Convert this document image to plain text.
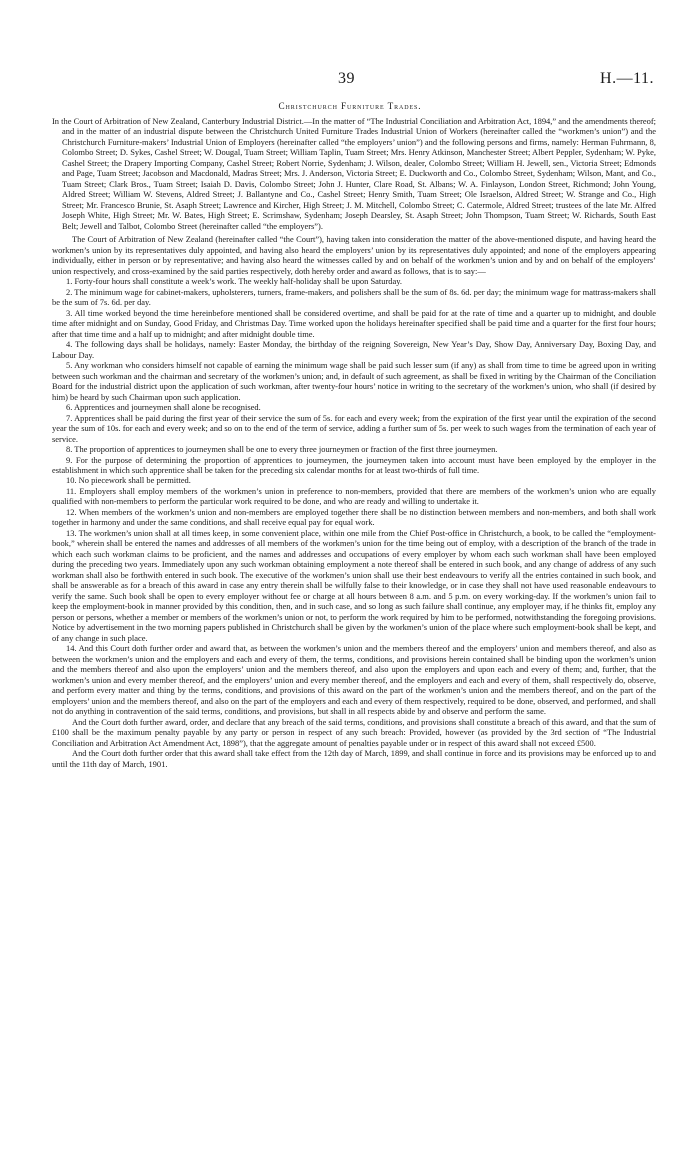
39	H.—11.
Christchurch Furniture Trades.

In the Court of Arbitration of New Zealand, Canterbury Industrial District.—In the matter of “The Industrial Conciliation and Arbitration Act, 1894,” and the amendments thereof; and in the matter of an industrial dispute between the Christchurch United Furniture Trades Industrial Union of Workers (hereinafter called the “workmen’s union”) and the Christchurch Furniture-makers’ Industrial Union of Employers (hereinafter called “the employers’ union”) and the following persons and firms, namely: Herman Fuhrmann, 8, Colombo Street; D. Sykes, Cashel Street; W. Dougal, Tuam Street; William Taplin, Tuam Street; Mrs. Henry Atkinson, Manchester Street; Albert Peppler, Sydenham; W. Pyke, Cashel Street; the Drapery Importing Company, Cashel Street; Robert Norrie, Sydenham; J. Wilson, dealer, Colombo Street; William H. Jewell, sen., Victoria Street; Edmonds and Page, Tuam Street; Jacobson and Macdonald, Madras Street; Mrs. J. Anderson, Victoria Street; E. Duckworth and Co., Colombo Street, Sydenham; Wilson, Mant, and Co., Tuam Street; Clark Bros., Tuam Street; Isaiah D. Davis, Colombo Street; John J. Hunter, Clare Road, St. Albans; W. A. Finlayson, London Street, Richmond; John Young, Aldred Street; William W. Stevens, Aldred Street; J. Ballantyne and Co., Cashel Street; Henry Smith, Tuam Street; Ole Israelson, Aldred Street; W. Strange and Co., High Street; Mr. Francesco Brunie, St. Asaph Street; Lawrence and Kircher, High Street; J. M. Mitchell, Colombo Street; C. Catermole, Aldred Street; trustees of the late Mr. Alfred Joseph White, High Street; Mr. W. Bates, High Street; E. Scrimshaw, Sydenham; Joseph Dearsley, St. Asaph Street; John Thompson, Tuam Street; W. Richards, South East Belt; Jewell and Talbot, Colombo Street (hereinafter called “the employers”).

The Court of Arbitration of New Zealand (hereinafter called “the Court”), having taken into consideration the matter of the above-mentioned dispute, and having heard the workmen’s union by its representatives duly appointed, and having also heard the employers’ union by its representatives duly appointed; and none of the employers appearing individually, either in person or by representative; and having also heard the witnesses called by and on behalf of the workmen’s union and by and on behalf of the employers’ union respectively, and cross-examined by the said parties respectively, doth hereby order and award as follows, that is to say:—

1. Forty-four hours shall constitute a week’s work. The weekly half-holiday shall be upon Saturday.

2. The minimum wage for cabinet-makers, upholsterers, turners, frame-makers, and polishers shall be the sum of 8s. 6d. per day; the minimum wage for mattrass-makers shall be the sum of 7s. 6d. per day.

3. All time worked beyond the time hereinbefore mentioned shall be considered overtime, and shall be paid for at the rate of time and a quarter up to midnight, and double time after midnight and on Sunday, Good Friday, and Christmas Day. Time worked upon the holidays hereinafter specified shall be paid time and a quarter for the first four hours; after that time time and a half up to midnight; and after midnight double time.

4. The following days shall be holidays, namely: Easter Monday, the birthday of the reigning Sovereign, New Year’s Day, Show Day, Anniversary Day, Boxing Day, and Labour Day.

5. Any workman who considers himself not capable of earning the minimum wage shall be paid such lesser sum (if any) as shall from time to time be agreed upon in writing between such workman and the chairman and secretary of the workmen’s union; and, in default of such agreement, as shall be fixed in writing by the Chairman of the Conciliation Board for the industrial district upon the application of such workman, after twenty-four hours’ notice in writing to the secretary of the workmen’s union, who shall (if desired by him) be heard by such Chairman upon such application.

6. Apprentices and journeymen shall alone be recognised.

7. Apprentices shall be paid during the first year of their service the sum of 5s. for each and every week; from the expiration of the first year until the expiration of the second year the sum of 10s. for each and every week; and so on to the end of the term of service, adding a further sum of 5s. per week to such wages from the termination of each year of service.

8. The proportion of apprentices to journeymen shall be one to every three journeymen or fraction of the first three journeymen.

9. For the purpose of determining the proportion of apprentices to journeymen, the journeymen taken into account must have been employed by the employer in the establishment in which such apprentice shall be taken for the preceding six calendar months for at least two-thirds of full time.

10. No piecework shall be permitted.

11. Employers shall employ members of the workmen’s union in preference to non-members, provided that there are members of the workmen’s union who are equally qualified with non-members to perform the particular work required to be done, and who are ready and willing to undertake it.

12. When members of the workmen’s union and non-members are employed together there shall be no distinction between members and non-members, and both shall work together in harmony and under the same conditions, and shall receive equal pay for equal work.

13. The workmen’s union shall at all times keep, in some convenient place, within one mile from the Chief Post-office in Christchurch, a book, to be called the “employment-book,” wherein shall be entered the names and addresses of all members of the workmen’s union for the time being out of employ, with a description of the branch of the trade in which each such workman claims to be proficient, and the names and addresses and occupations of every employer by whom each such workman shall have been employed during the preceding two years. Immediately upon any such workman obtaining employment a note thereof shall be entered in such book, and any change of address of any such workman shall also be forthwith entered in such book. The executive of the workmen’s union shall use their best endeavours to verify all the entries contained in such book, and shall be answerable as for a breach of this award in case any entry therein shall be wilfully false to their knowledge, or in case they shall not have used reasonable endeavours to verify the same. Such book shall be open to every employer without fee or charge at all hours between 8 a.m. and 5 p.m. on every working-day. If the workmen’s union fail to keep the employment-book in manner provided by this condition, then, and in such case, and so long as such failure shall continue, any employer may, if he thinks fit, employ any person or persons, whether a member or members of the workmen’s union or not, to perform the work required by him to be performed, notwithstanding the foregoing provisions. Notice by advertisement in the two morning papers published in Christchurch shall be given by the workmen’s union of the place where such employment-book shall be kept, and of any change in such place.

14. And this Court doth further order and award that, as between the workmen’s union and the members thereof and the employers’ union and members thereof, and also as between the workmen’s union and the employers and each and every of them, the terms, conditions, and provisions herein contained shall be binding upon the workmen’s union and the members thereof and also upon the employers’ union and the members thereof, and also upon the employers and upon each and every of them; and, further, that the workmen’s union and every member thereof, and the employers’ union and every member thereof, and the employers and each and every of them, shall respectively do, observe, and perform every matter and thing by the terms, conditions, and provisions of this award on the part of the workmen’s union and the members thereof, and on the part of the employers’ union and the members thereof, and also on the part of the employers and each and every of them respectively, required to be done, observed, and performed, and shall not do anything in contravention of the said terms, conditions, and provisions, but shall in all respects abide by and observe and perform the same.

And the Court doth further award, order, and declare that any breach of the said terms, conditions, and provisions shall constitute a breach of this award, and that the sum of £100 shall be the maximum penalty payable by any party or person in respect of any such breach: Provided, however (as provided by the 3rd section of “The Industrial Conciliation and Arbitration Act Amendment Act, 1898”), that the aggregate amount of penalties payable under or in respect of this award shall not exceed £500.

And the Court doth further order that this award shall take effect from the 12th day of March, 1899, and shall continue in force and its provisions may be enforced up to and until the 11th day of March, 1901.
